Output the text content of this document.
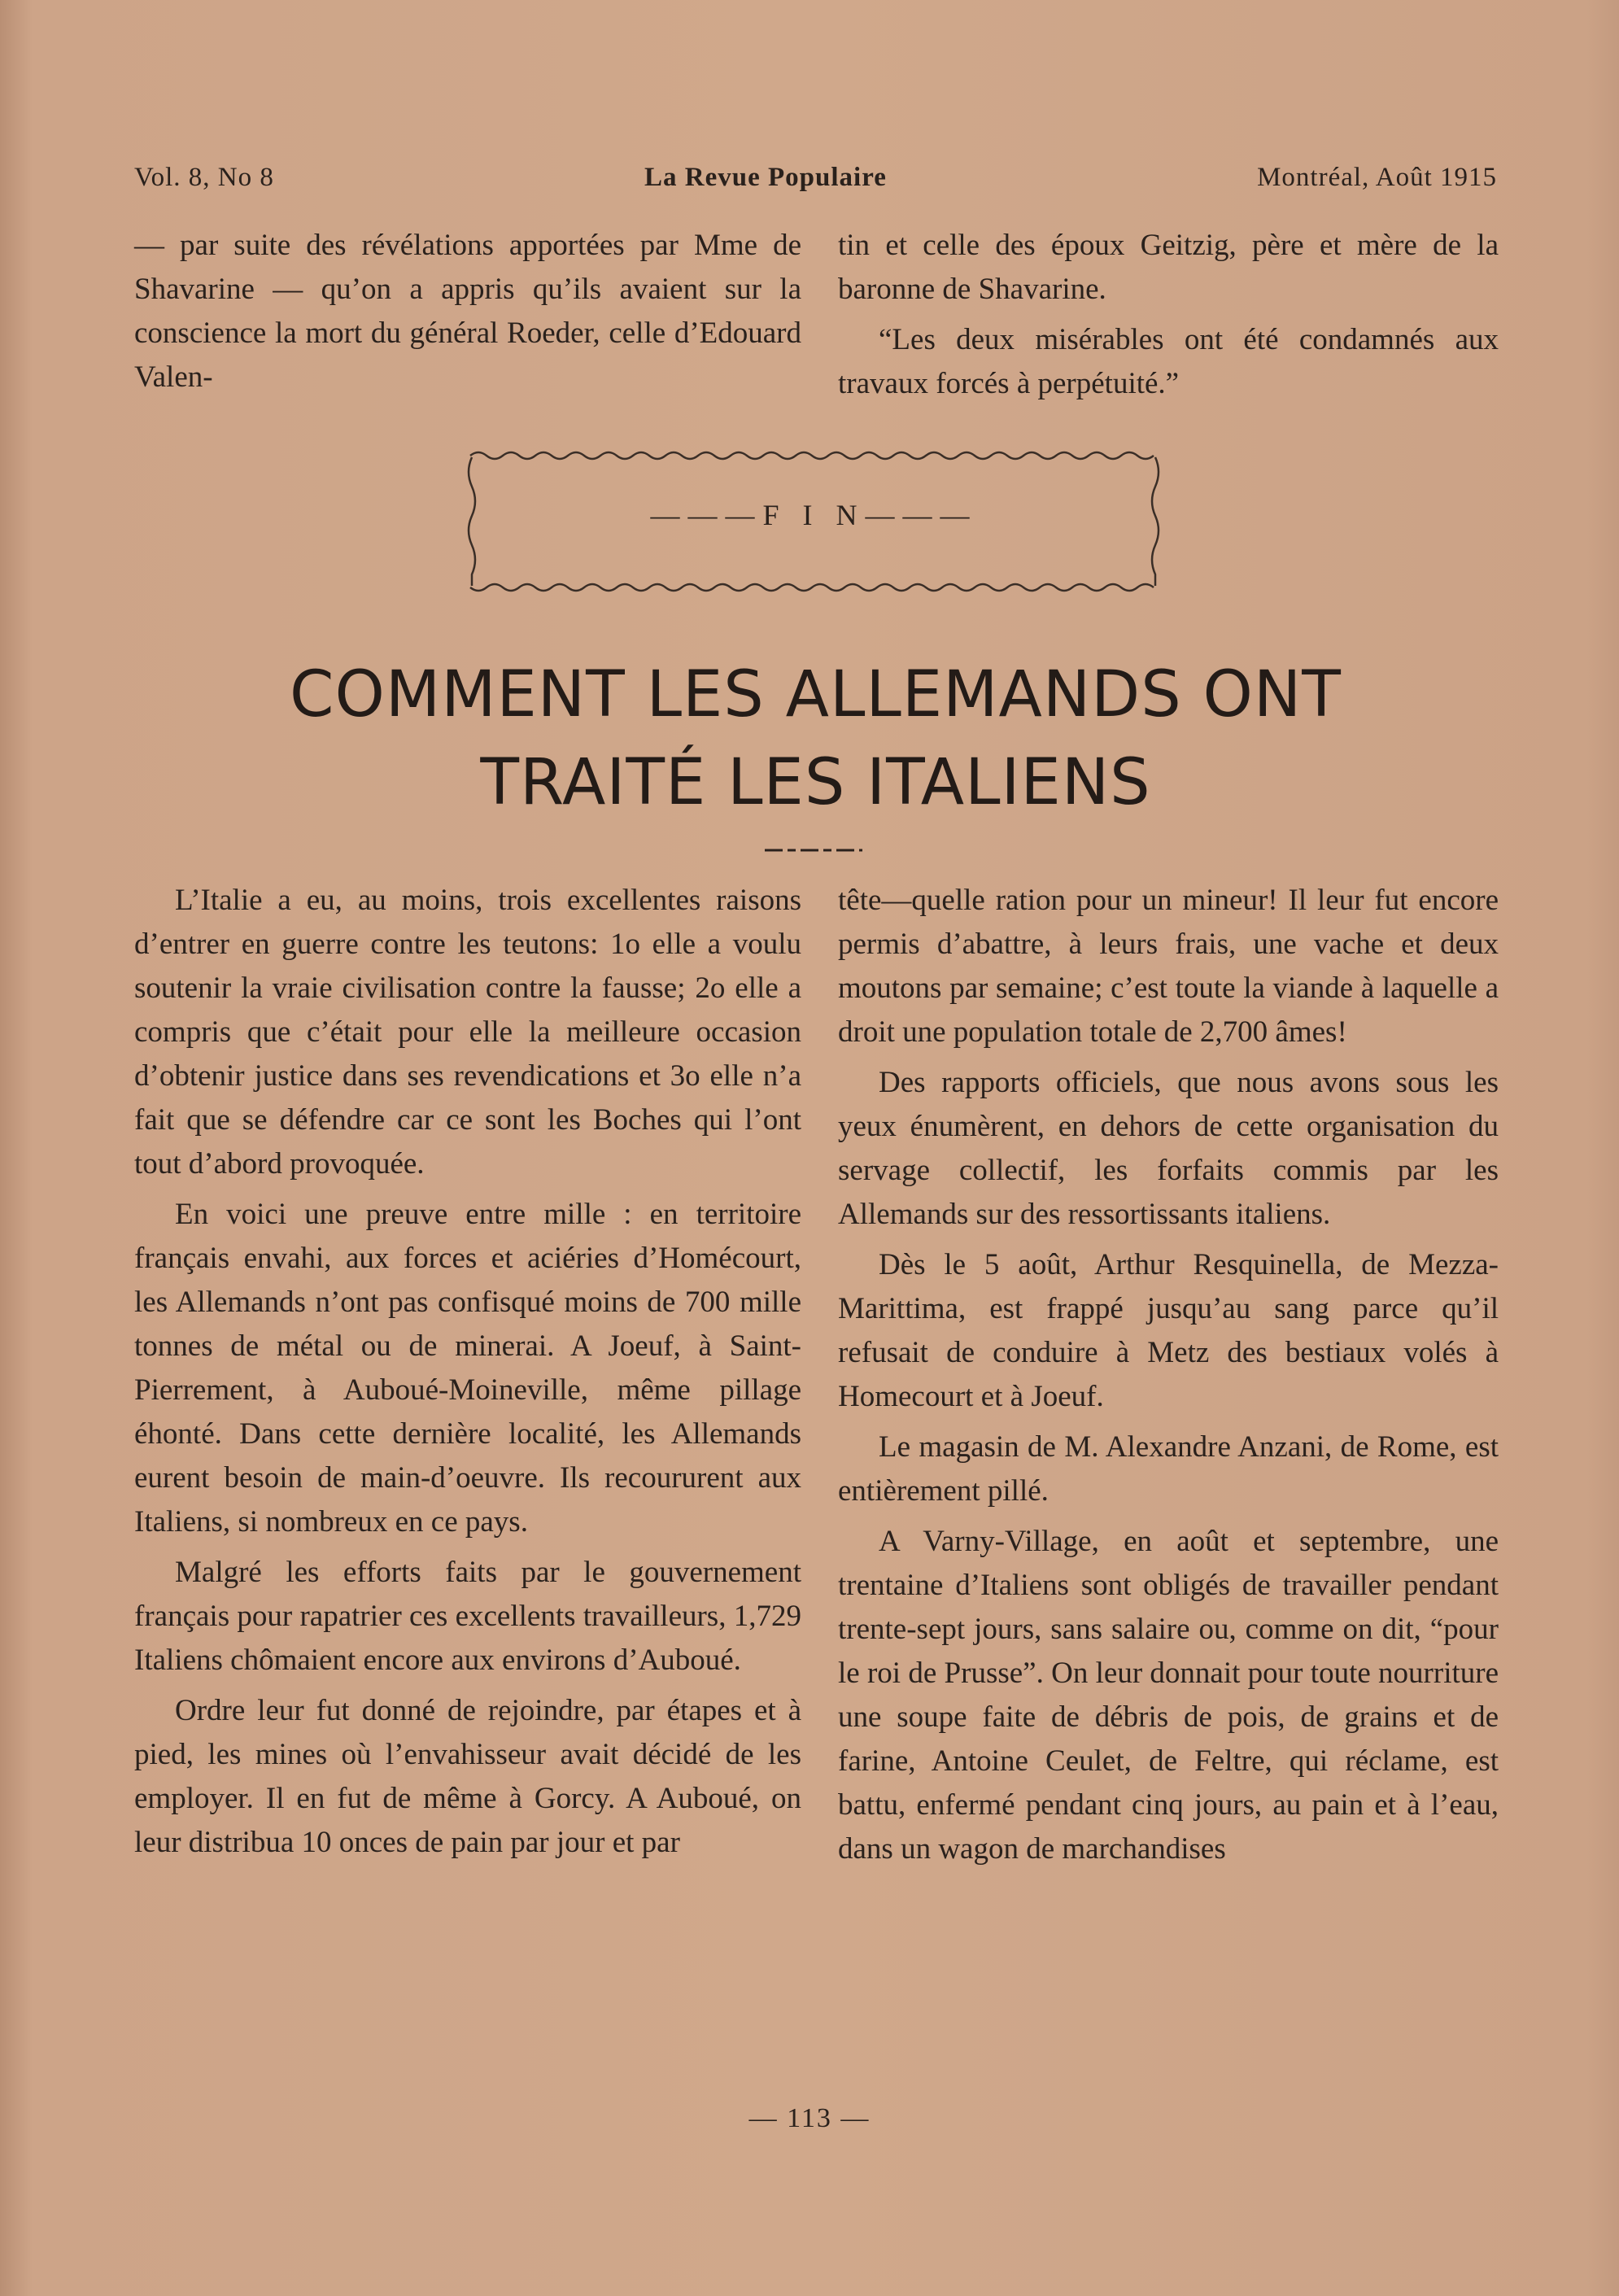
Vol. 8, No 8	La Revue Populaire	Montréal, Août 1915

— par suite des révélations apportées par Mme de Shavarine — qu’on a appris qu’ils avaient sur la conscience la mort du général Roeder, celle d’Edouard Valen-

tin et celle des époux Geitzig, père et mère de la baronne de Shavarine.

“Les deux misérables ont été condamnés aux travaux forcés à perpétuité.”

———F I N———
COMMENT LES ALLEMANDS ONT
TRAITÉ LES ITALIENS

L’Italie a eu, au moins, trois excellentes raisons d’entrer en guerre contre les teutons: 1o elle a voulu soutenir la vraie civilisation contre la fausse; 2o elle a compris que c’était pour elle la meilleure occasion d’obtenir justice dans ses revendications et 3o elle n’a fait que se défendre car ce sont les Boches qui l’ont tout d’abord provoquée.

En voici une preuve entre mille : en territoire français envahi, aux forces et aciéries d’Homécourt, les Allemands n’ont pas confisqué moins de 700 mille tonnes de métal ou de minerai. A Joeuf, à Saint-Pierrement, à Auboué-Moineville, même pillage éhonté. Dans cette dernière localité, les Allemands eurent besoin de main-d’oeuvre. Ils recoururent aux Italiens, si nombreux en ce pays.

Malgré les efforts faits par le gouvernement français pour rapatrier ces excellents travailleurs, 1,729 Italiens chômaient encore aux environs d’Auboué.

Ordre leur fut donné de rejoindre, par étapes et à pied, les mines où l’envahisseur avait décidé de les employer. Il en fut de même à Gorcy. A Auboué, on leur distribua 10 onces de pain par jour et par

tête—quelle ration pour un mineur! Il leur fut encore permis d’abattre, à leurs frais, une vache et deux moutons par semaine; c’est toute la viande à laquelle a droit une population totale de 2,700 âmes!

Des rapports officiels, que nous avons sous les yeux énumèrent, en dehors de cette organisation du servage collectif, les forfaits commis par les Allemands sur des ressortissants italiens.

Dès le 5 août, Arthur Resquinella, de Mezza-Marittima, est frappé jusqu’au sang parce qu’il refusait de conduire à Metz des bestiaux volés à Homecourt et à Joeuf.

Le magasin de M. Alexandre Anzani, de Rome, est entièrement pillé.

A Varny-Village, en août et septembre, une trentaine d’Italiens sont obligés de travailler pendant trente-sept jours, sans salaire ou, comme on dit, “pour le roi de Prusse”. On leur donnait pour toute nourriture une soupe faite de débris de pois, de grains et de farine, Antoine Ceulet, de Feltre, qui réclame, est battu, enfermé pendant cinq jours, au pain et à l’eau, dans un wagon de marchandises

— 113 —
